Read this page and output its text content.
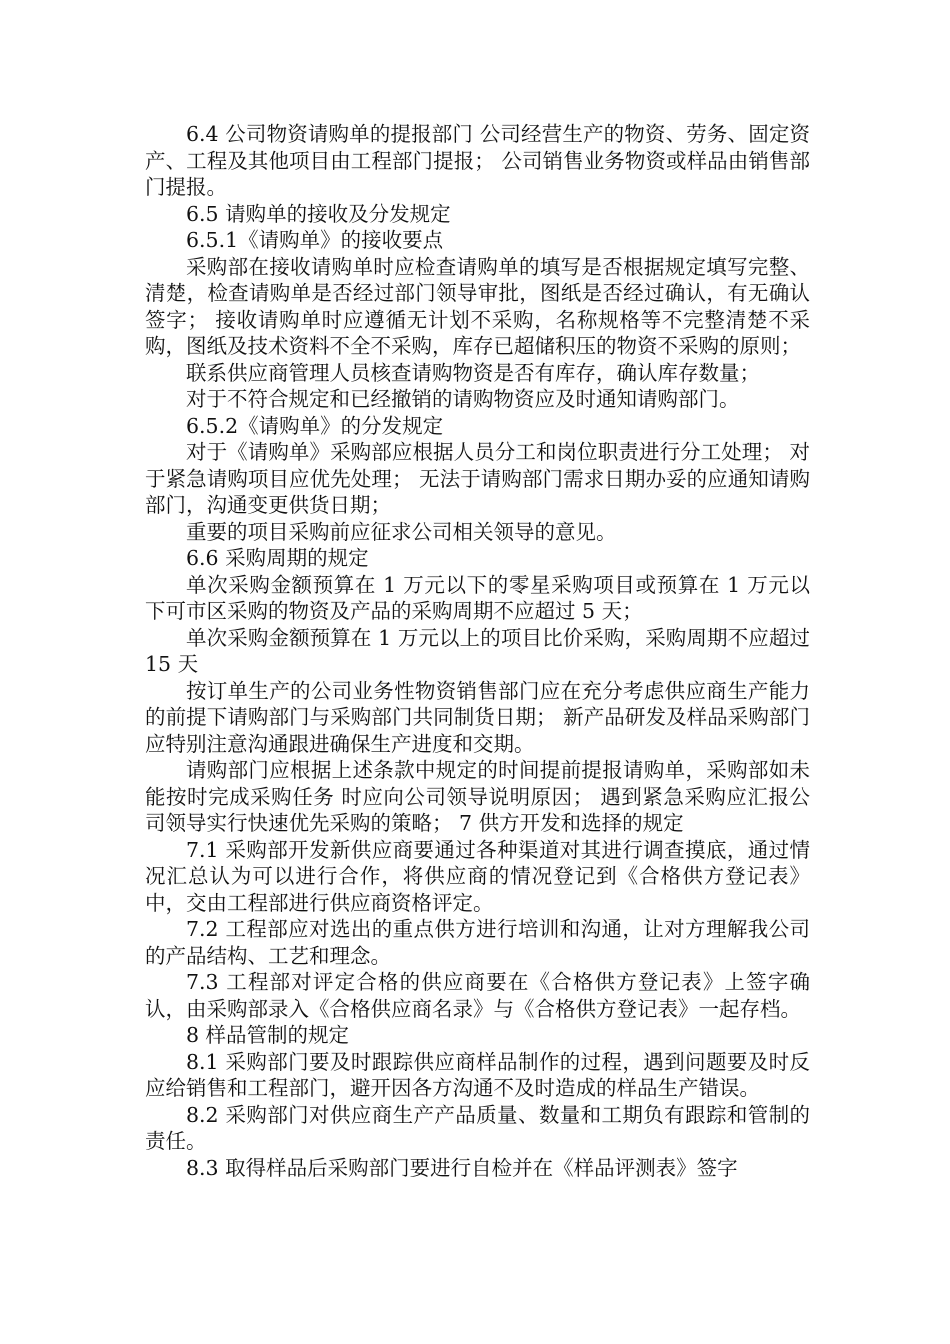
6.4 公司物资请购单的提报部门 公司经营生产的物资、劳务、固定资产、工程及其他项目由工程部门提报； 公司销售业务物资或样品由销售部门提报。

6.5 请购单的接收及分发规定

6.5.1《请购单》的接收要点

采购部在接收请购单时应检查请购单的填写是否根据规定填写完整、清楚，检查请购单是否经过部门领导审批，图纸是否经过确认，有无确认签字； 接收请购单时应遵循无计划不采购，名称规格等不完整清楚不采购，图纸及技术资料不全不采购，库存已超储积压的物资不采购的原则；

联系供应商管理人员核查请购物资是否有库存，确认库存数量；

对于不符合规定和已经撤销的请购物资应及时通知请购部门。

6.5.2《请购单》的分发规定

对于《请购单》采购部应根据人员分工和岗位职责进行分工处理； 对于紧急请购项目应优先处理； 无法于请购部门需求日期办妥的应通知请购部门，沟通变更供货日期；

重要的项目采购前应征求公司相关领导的意见。

6.6 采购周期的规定

单次采购金额预算在 1 万元以下的零星采购项目或预算在 1 万元以下可市区采购的物资及产品的采购周期不应超过 5 天；

单次采购金额预算在 1 万元以上的项目比价采购，采购周期不应超过 15 天

按订单生产的公司业务性物资销售部门应在充分考虑供应商生产能力的前提下请购部门与采购部门共同制货日期； 新产品研发及样品采购部门应特别注意沟通跟进确保生产进度和交期。

请购部门应根据上述条款中规定的时间提前提报请购单，采购部如未能按时完成采购任务 时应向公司领导说明原因； 遇到紧急采购应汇报公司领导实行快速优先采购的策略； 7 供方开发和选择的规定

7.1 采购部开发新供应商要通过各种渠道对其进行调查摸底，通过情况汇总认为可以进行合作，将供应商的情况登记到《合格供方登记表》中，交由工程部进行供应商资格评定。

7.2 工程部应对选出的重点供方进行培训和沟通，让对方理解我公司的产品结构、工艺和理念。

7.3 工程部对评定合格的供应商要在《合格供方登记表》上签字确认，由采购部录入《合格供应商名录》与《合格供方登记表》一起存档。

8 样品管制的规定

8.1 采购部门要及时跟踪供应商样品制作的过程，遇到问题要及时反应给销售和工程部门，避开因各方沟通不及时造成的样品生产错误。

8.2 采购部门对供应商生产产品质量、数量和工期负有跟踪和管制的责任。

8.3 取得样品后采购部门要进行自检并在《样品评测表》签字
